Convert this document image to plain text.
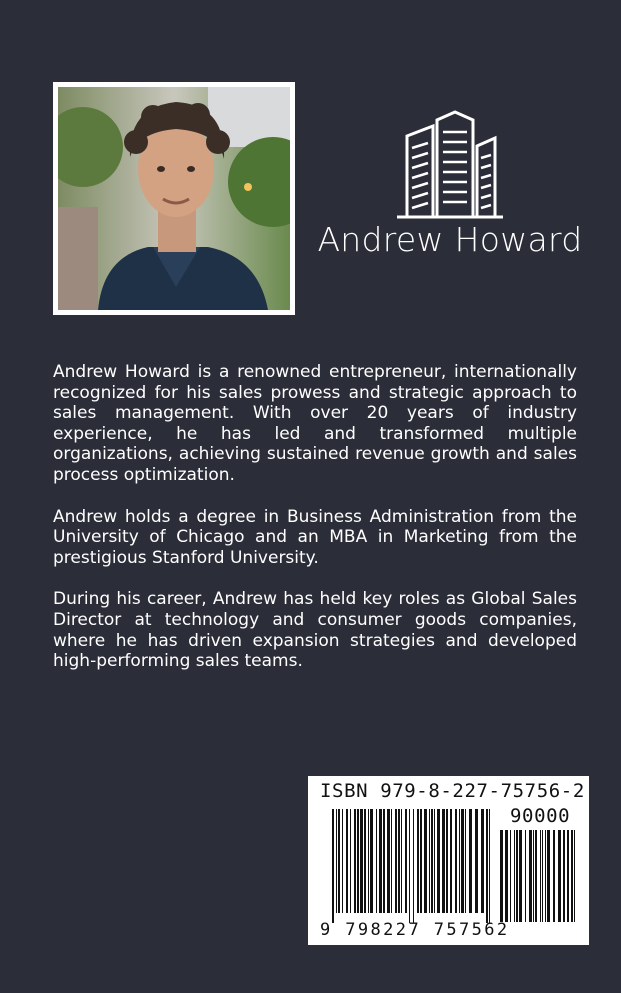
Andrew Howard

Andrew Howard is a renowned entrepreneur, internationally recognized for his sales prowess and strategic approach to sales management. With over 20 years of industry experience, he has led and transformed multiple organizations, achieving sustained revenue growth and sales process optimization.

Andrew holds a degree in Business Administration from the University of Chicago and an MBA in Marketing from the prestigious Stanford University.

During his career, Andrew has held key roles as Global Sales Director at technology and consumer goods companies, where he has driven expansion strategies and developed high-performing sales teams.

ISBN 979-8-227-75756-2
90000
9 798227 757562
